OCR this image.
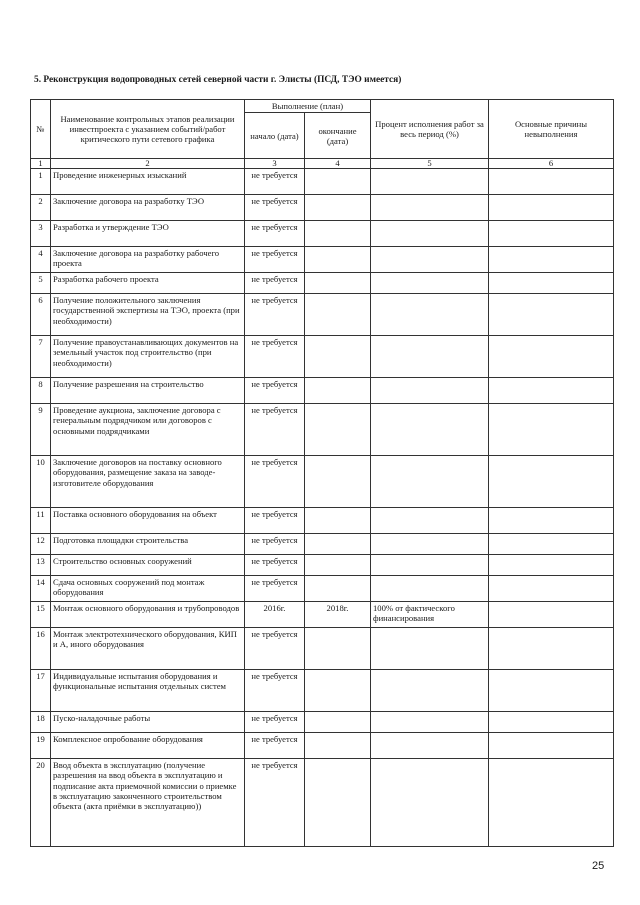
5. Реконструкция водопроводных сетей северной части г. Элисты (ПСД, ТЭО имеется)
№	Наименование контрольных этапов реализации инвестпроекта с указанием событий/работ критического пути сетевого графика	Выполнение (план)		Процент исполнения работ за весь период (%)	Основные причины невыполнения
		начало (дата)	окончание (дата)		
1	2	3	4	5	6
1	Проведение инженерных изысканий	не требуется			
2	Заключение договора на разработку ТЭО	не требуется			
3	Разработка и утверждение ТЭО	не требуется			
4	Заключение договора на разработку рабочего проекта	не требуется			
5	Разработка рабочего проекта	не требуется			
6	Получение положительного заключения государственной экспертизы на ТЭО, проекта (при необходимости)	не требуется			
7	Получение правоустанавливающих документов на земельный участок под строительство (при необходимости)	не требуется			
8	Получение разрешения на строительство	не требуется			
9	Проведение аукциона, заключение договора с генеральным подрядчиком или договоров с основными подрядчиками	не требуется			
10	Заключение договоров на поставку основного оборудования, размещение заказа на заводе-изготовителе оборудования	не требуется			
11	Поставка основного оборудования на объект	не требуется			
12	Подготовка площадки строительства	не требуется			
13	Строительство основных сооружений	не требуется			
14	Сдача основных сооружений под монтаж оборудования	не требуется			
15	Монтаж основного оборудования и трубопроводов	2016г.	2018г.	100% от фактического финансирования	
16	Монтаж электротехнического оборудования, КИП и А, иного оборудования	не требуется			
17	Индивидуальные испытания оборудования и функциональные испытания отдельных систем	не требуется			
18	Пуско-наладочные работы	не требуется			
19	Комплексное опробование оборудования	не требуется			
20	Ввод объекта в эксплуатацию (получение разрешения на ввод объекта в эксплуатацию и подписание акта приемочной комиссии о приемке в эксплуатацию законченного строительством объекта (акта приёмки в эксплуатацию))	не требуется			
25
